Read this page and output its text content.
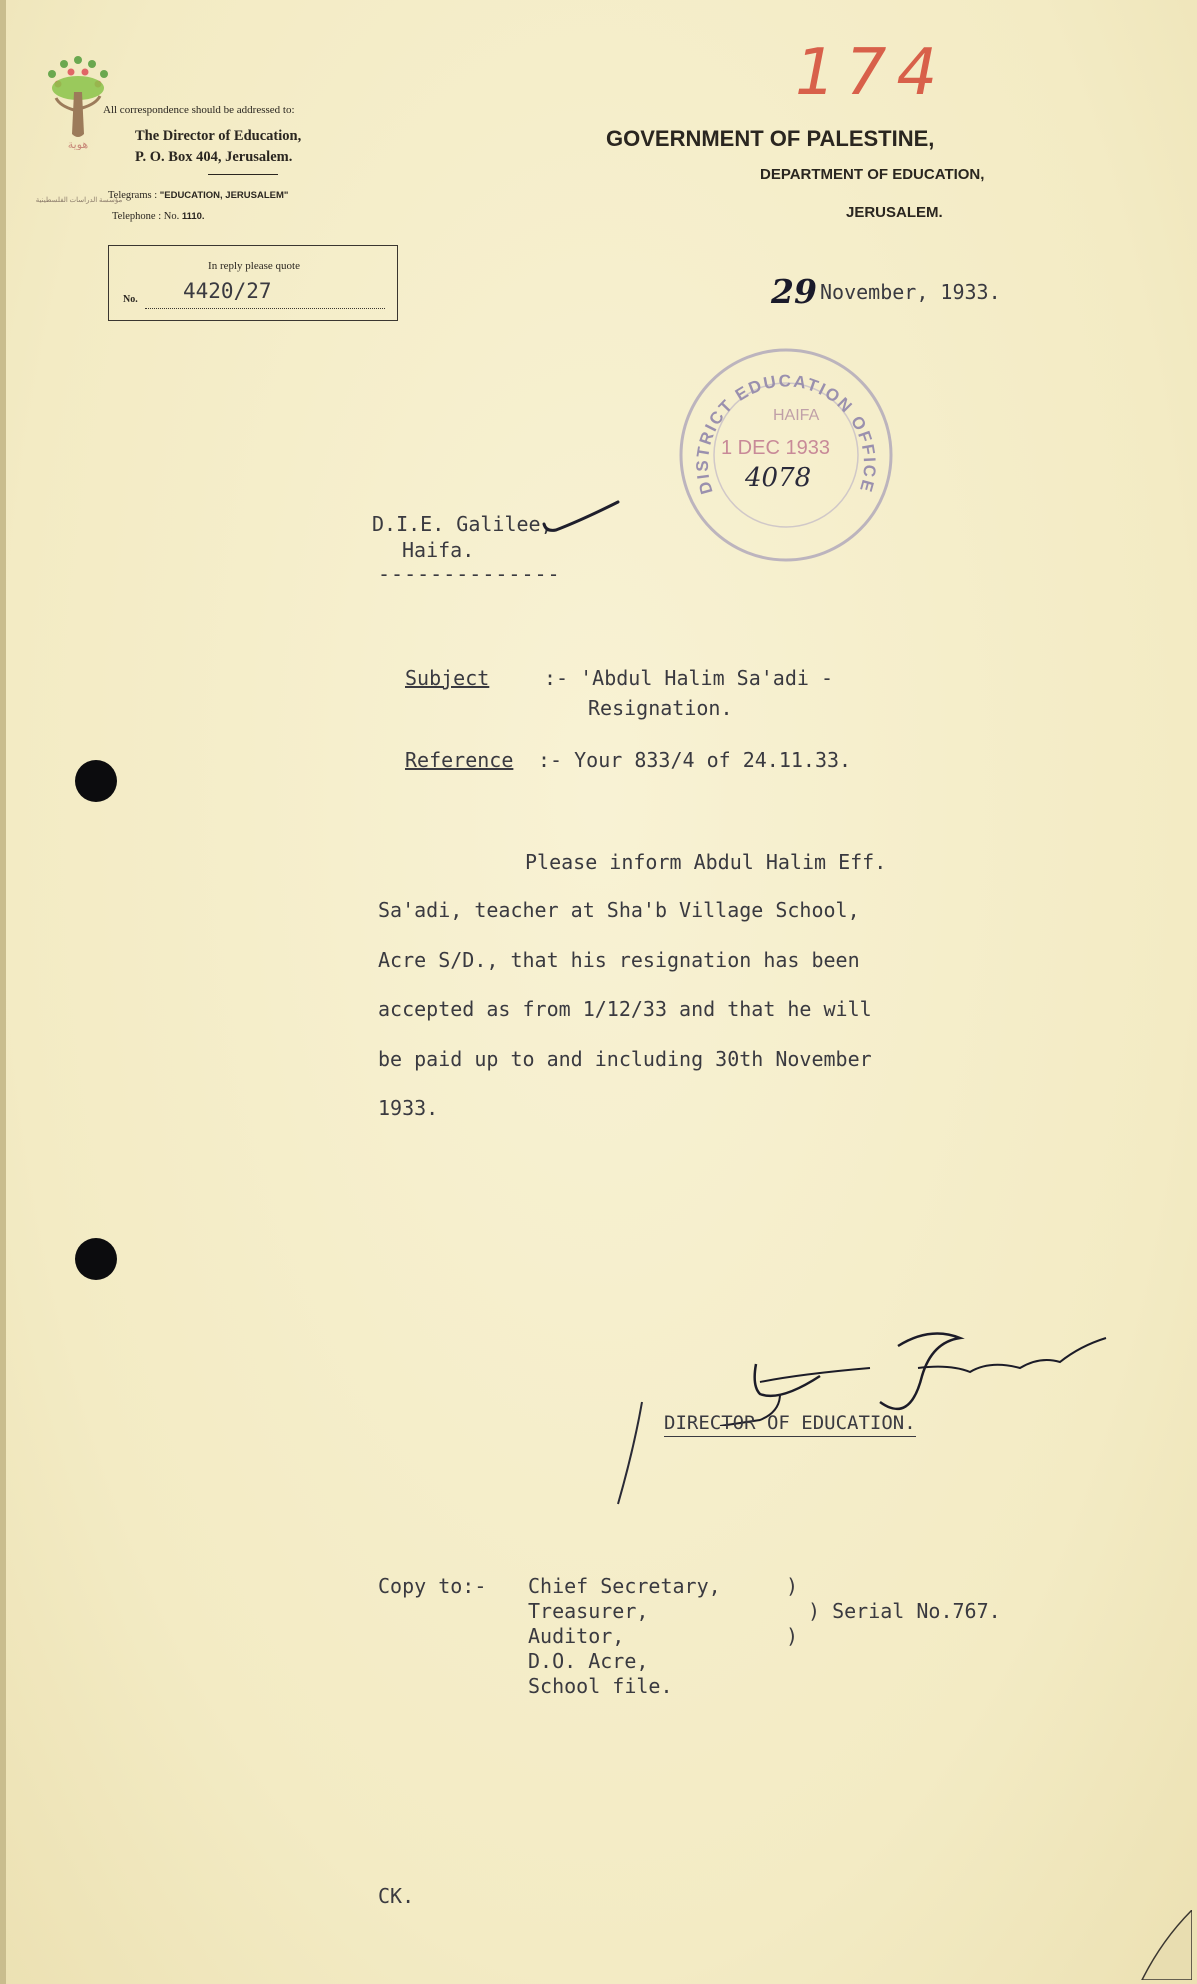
هوية
مؤسسة الدراسات الفلسطينية
All correspondence should be addressed to:
The Director of Education,
P. O. Box 404, Jerusalem.
Telegrams : "EDUCATION, JERUSALEM"
Telephone : No. 1110.
In reply please quote
No. 4420/27
174
GOVERNMENT OF PALESTINE,
DEPARTMENT OF EDUCATION,
JERUSALEM.
29 November, 1933.
DISTRICT EDUCATION OFFICE
HAIFA
1 DEC 1933
4078
D.I.E. Galilee,
Haifa.
--------------
Subject	:- 'Abdul Halim Sa'adi -
Resignation.
Reference :- Your 833/4 of 24.11.33.
Please inform Abdul Halim Eff.
Sa'adi, teacher at Sha'b Village School,
Acre S/D., that his resignation has been
accepted as from 1/12/33 and that he will
be paid up to and including 30th November
1933.
DIRECTOR OF EDUCATION.
Copy to:- Chief Secretary,
Treasurer,
Auditor,
D.O. Acre,
School file.
)
) Serial No.767.
)
CK.
